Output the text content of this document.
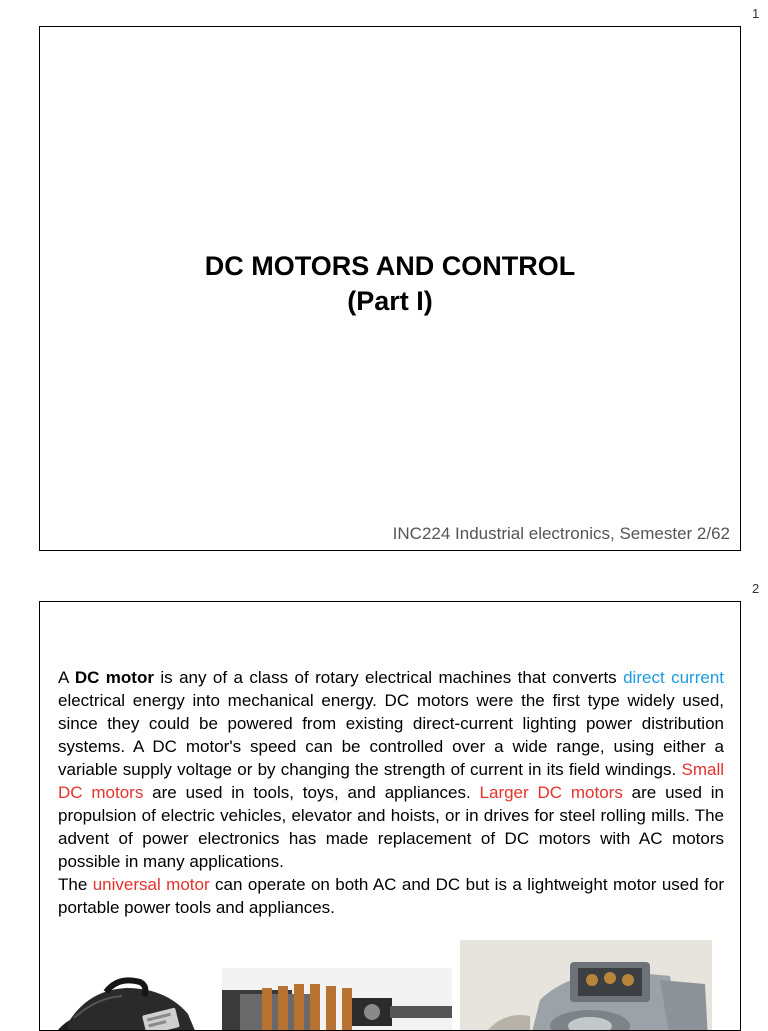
1
DC MOTORS AND CONTROL
(Part I)
INC224 Industrial electronics, Semester 2/62
2

A DC motor is any of a class of rotary electrical machines that converts direct current electrical energy into mechanical energy. DC motors were the first type widely used, since they could be powered from existing direct-current lighting power distribution systems. A DC motor's speed can be controlled over a wide range, using either a variable supply voltage or by changing the strength of current in its field windings. Small DC motors are used in tools, toys, and appliances. Larger DC motors are used in propulsion of electric vehicles, elevator and hoists, or in drives for steel rolling mills. The advent of power electronics has made replacement of DC motors with AC motors possible in many applications.

The universal motor can operate on both AC and DC but is a lightweight motor used for portable power tools and appliances.
